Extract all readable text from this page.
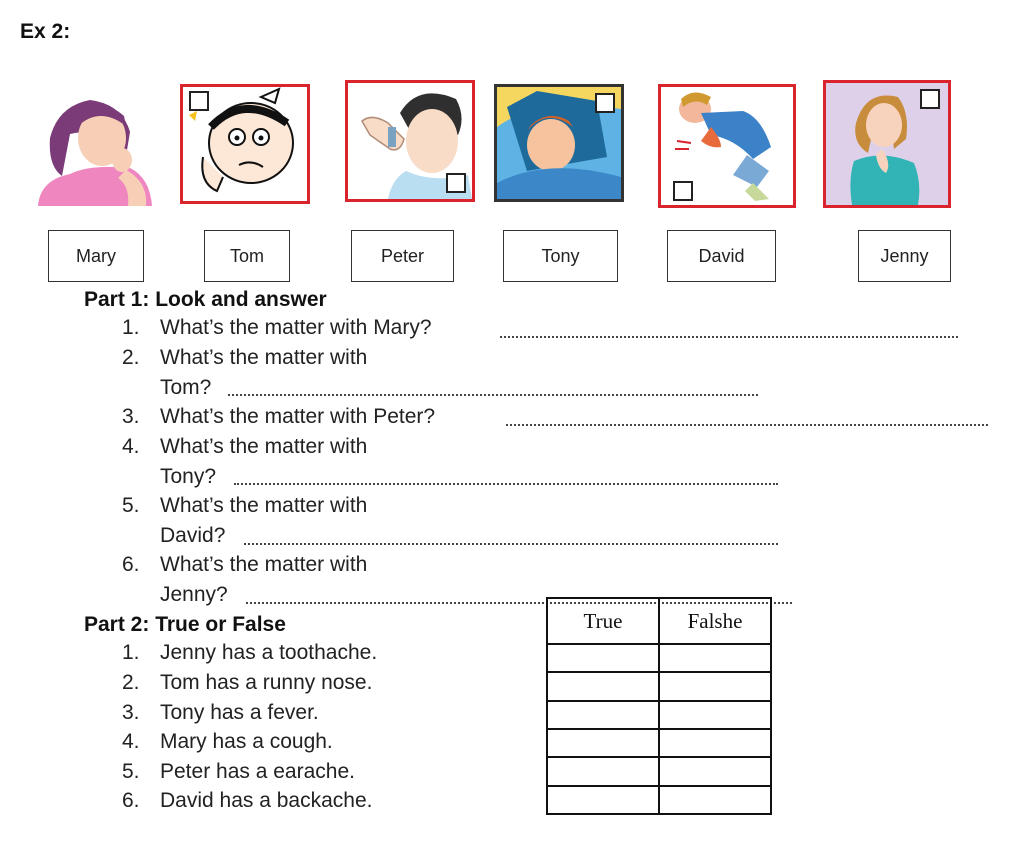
Ex 2:
Mary	Tom	Peter	Tony	David	Jenny
Part 1: Look and answer
1. What’s the matter with Mary?
2. What’s the matter with
Tom?
3. What’s the matter with Peter?
4. What’s the matter with
Tony?
5. What’s the matter with
David?
6. What’s the matter with
Jenny?
Part 2: True or False
1. Jenny has a toothache.
2. Tom has a runny nose.
3. Tony has a fever.
4. Mary has a cough.
5. Peter has a earache.
6. David has a backache.
True	Falshe
